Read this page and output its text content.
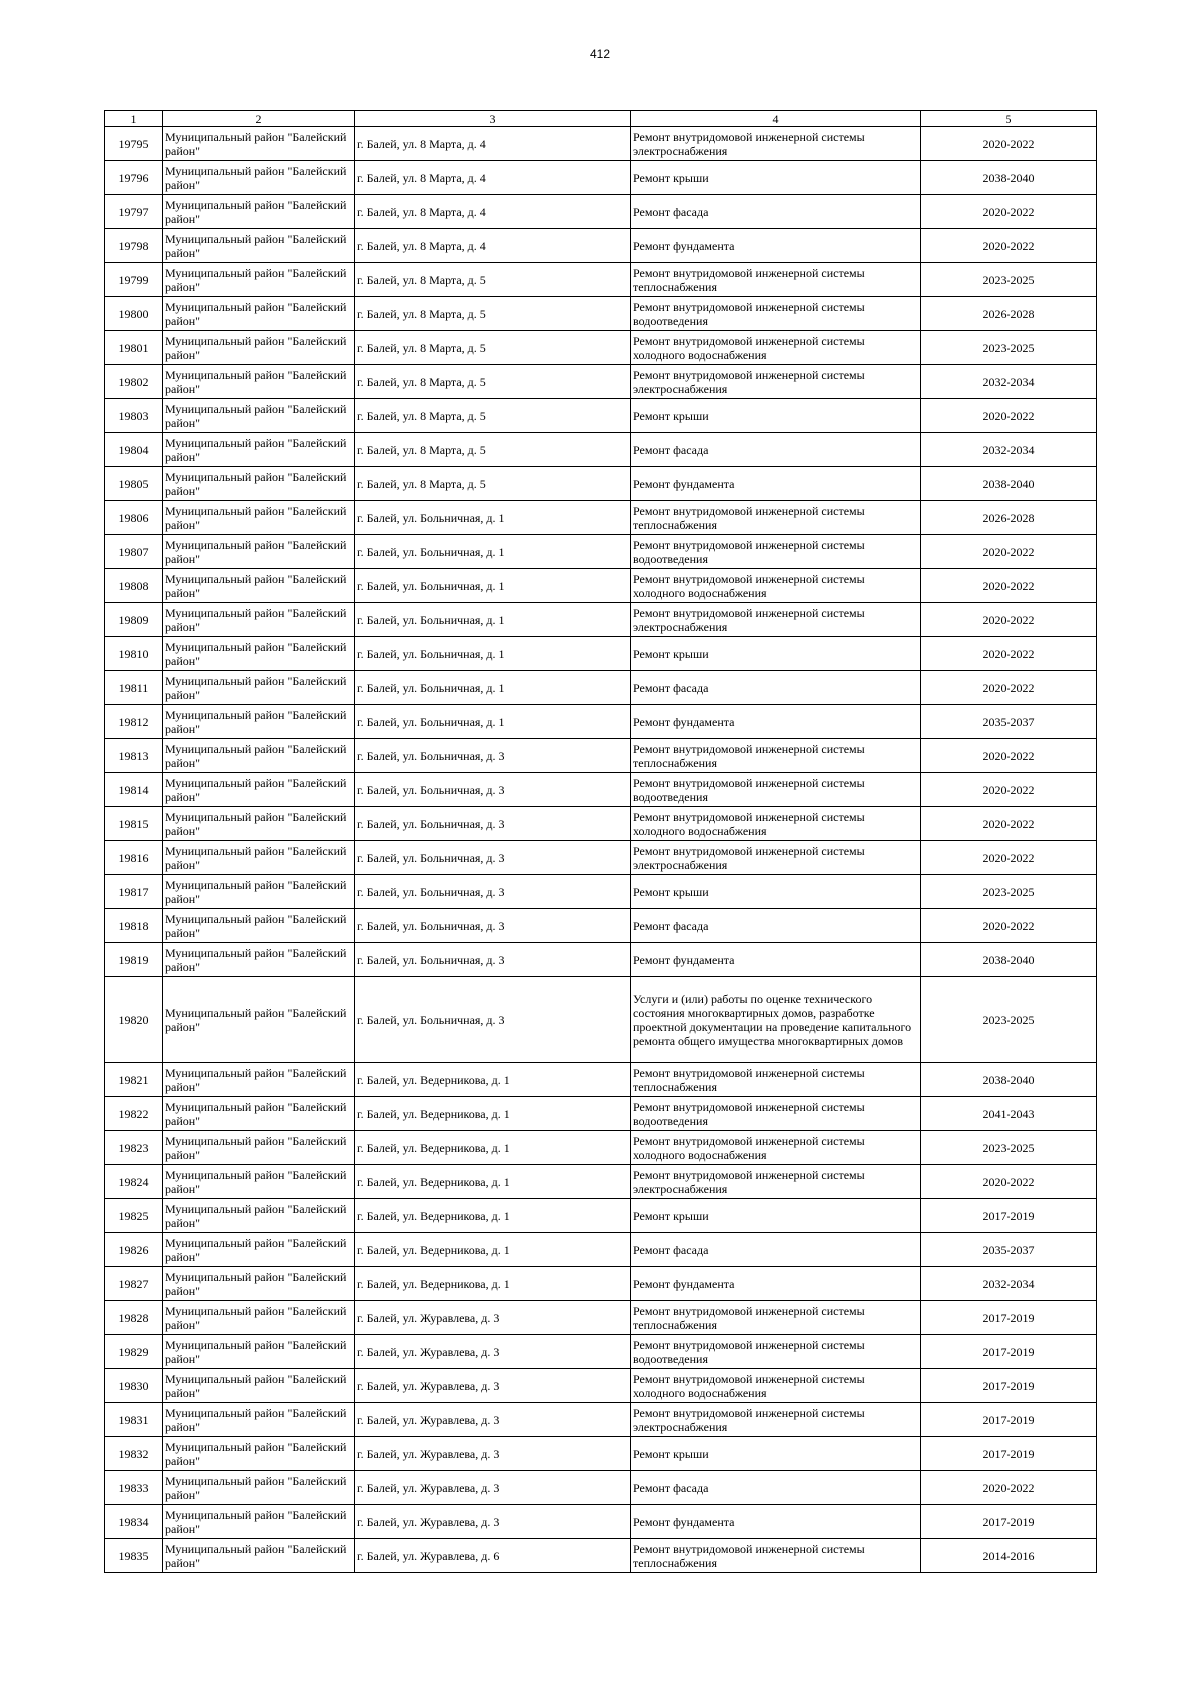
412
1	2	3	4	5
19795	Муниципальный район "Балейский район"	г. Балей, ул. 8 Марта, д. 4	Ремонт внутридомовой инженерной системы электроснабжения	2020-2022
19796	Муниципальный район "Балейский район"	г. Балей, ул. 8 Марта, д. 4	Ремонт крыши	2038-2040
19797	Муниципальный район "Балейский район"	г. Балей, ул. 8 Марта, д. 4	Ремонт фасада	2020-2022
19798	Муниципальный район "Балейский район"	г. Балей, ул. 8 Марта, д. 4	Ремонт фундамента	2020-2022
19799	Муниципальный район "Балейский район"	г. Балей, ул. 8 Марта, д. 5	Ремонт внутридомовой инженерной системы теплоснабжения	2023-2025
19800	Муниципальный район "Балейский район"	г. Балей, ул. 8 Марта, д. 5	Ремонт внутридомовой инженерной системы водоотведения	2026-2028
19801	Муниципальный район "Балейский район"	г. Балей, ул. 8 Марта, д. 5	Ремонт внутридомовой инженерной системы холодного водоснабжения	2023-2025
19802	Муниципальный район "Балейский район"	г. Балей, ул. 8 Марта, д. 5	Ремонт внутридомовой инженерной системы электроснабжения	2032-2034
19803	Муниципальный район "Балейский район"	г. Балей, ул. 8 Марта, д. 5	Ремонт крыши	2020-2022
19804	Муниципальный район "Балейский район"	г. Балей, ул. 8 Марта, д. 5	Ремонт фасада	2032-2034
19805	Муниципальный район "Балейский район"	г. Балей, ул. 8 Марта, д. 5	Ремонт фундамента	2038-2040
19806	Муниципальный район "Балейский район"	г. Балей, ул. Больничная, д. 1	Ремонт внутридомовой инженерной системы теплоснабжения	2026-2028
19807	Муниципальный район "Балейский район"	г. Балей, ул. Больничная, д. 1	Ремонт внутридомовой инженерной системы водоотведения	2020-2022
19808	Муниципальный район "Балейский район"	г. Балей, ул. Больничная, д. 1	Ремонт внутридомовой инженерной системы холодного водоснабжения	2020-2022
19809	Муниципальный район "Балейский район"	г. Балей, ул. Больничная, д. 1	Ремонт внутридомовой инженерной системы электроснабжения	2020-2022
19810	Муниципальный район "Балейский район"	г. Балей, ул. Больничная, д. 1	Ремонт крыши	2020-2022
19811	Муниципальный район "Балейский район"	г. Балей, ул. Больничная, д. 1	Ремонт фасада	2020-2022
19812	Муниципальный район "Балейский район"	г. Балей, ул. Больничная, д. 1	Ремонт фундамента	2035-2037
19813	Муниципальный район "Балейский район"	г. Балей, ул. Больничная, д. 3	Ремонт внутридомовой инженерной системы теплоснабжения	2020-2022
19814	Муниципальный район "Балейский район"	г. Балей, ул. Больничная, д. 3	Ремонт внутридомовой инженерной системы водоотведения	2020-2022
19815	Муниципальный район "Балейский район"	г. Балей, ул. Больничная, д. 3	Ремонт внутридомовой инженерной системы холодного водоснабжения	2020-2022
19816	Муниципальный район "Балейский район"	г. Балей, ул. Больничная, д. 3	Ремонт внутридомовой инженерной системы электроснабжения	2020-2022
19817	Муниципальный район "Балейский район"	г. Балей, ул. Больничная, д. 3	Ремонт крыши	2023-2025
19818	Муниципальный район "Балейский район"	г. Балей, ул. Больничная, д. 3	Ремонт фасада	2020-2022
19819	Муниципальный район "Балейский район"	г. Балей, ул. Больничная, д. 3	Ремонт фундамента	2038-2040
19820	Муниципальный район "Балейский район"	г. Балей, ул. Больничная, д. 3	Услуги и (или) работы по оценке технического состояния многоквартирных домов, разработке проектной документации на проведение капитального ремонта общего имущества многоквартирных домов	2023-2025
19821	Муниципальный район "Балейский район"	г. Балей, ул. Ведерникова, д. 1	Ремонт внутридомовой инженерной системы теплоснабжения	2038-2040
19822	Муниципальный район "Балейский район"	г. Балей, ул. Ведерникова, д. 1	Ремонт внутридомовой инженерной системы водоотведения	2041-2043
19823	Муниципальный район "Балейский район"	г. Балей, ул. Ведерникова, д. 1	Ремонт внутридомовой инженерной системы холодного водоснабжения	2023-2025
19824	Муниципальный район "Балейский район"	г. Балей, ул. Ведерникова, д. 1	Ремонт внутридомовой инженерной системы электроснабжения	2020-2022
19825	Муниципальный район "Балейский район"	г. Балей, ул. Ведерникова, д. 1	Ремонт крыши	2017-2019
19826	Муниципальный район "Балейский район"	г. Балей, ул. Ведерникова, д. 1	Ремонт фасада	2035-2037
19827	Муниципальный район "Балейский район"	г. Балей, ул. Ведерникова, д. 1	Ремонт фундамента	2032-2034
19828	Муниципальный район "Балейский район"	г. Балей, ул. Журавлева, д. 3	Ремонт внутридомовой инженерной системы теплоснабжения	2017-2019
19829	Муниципальный район "Балейский район"	г. Балей, ул. Журавлева, д. 3	Ремонт внутридомовой инженерной системы водоотведения	2017-2019
19830	Муниципальный район "Балейский район"	г. Балей, ул. Журавлева, д. 3	Ремонт внутридомовой инженерной системы холодного водоснабжения	2017-2019
19831	Муниципальный район "Балейский район"	г. Балей, ул. Журавлева, д. 3	Ремонт внутридомовой инженерной системы электроснабжения	2017-2019
19832	Муниципальный район "Балейский район"	г. Балей, ул. Журавлева, д. 3	Ремонт крыши	2017-2019
19833	Муниципальный район "Балейский район"	г. Балей, ул. Журавлева, д. 3	Ремонт фасада	2020-2022
19834	Муниципальный район "Балейский район"	г. Балей, ул. Журавлева, д. 3	Ремонт фундамента	2017-2019
19835	Муниципальный район "Балейский район"	г. Балей, ул. Журавлева, д. 6	Ремонт внутридомовой инженерной системы теплоснабжения	2014-2016
